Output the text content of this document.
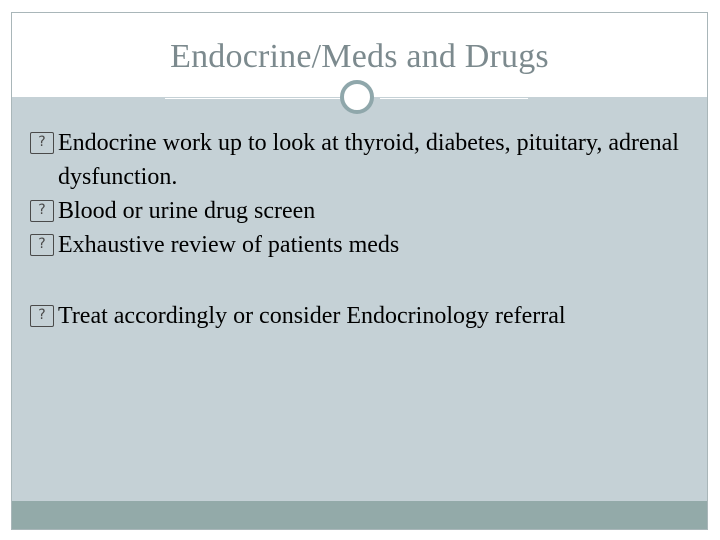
Endocrine/Meds and Drugs
? Endocrine work up to look at thyroid, diabetes, pituitary, adrenal dysfunction.
? Blood or urine drug screen
? Exhaustive review of patients meds
? Treat accordingly or consider Endocrinology referral
